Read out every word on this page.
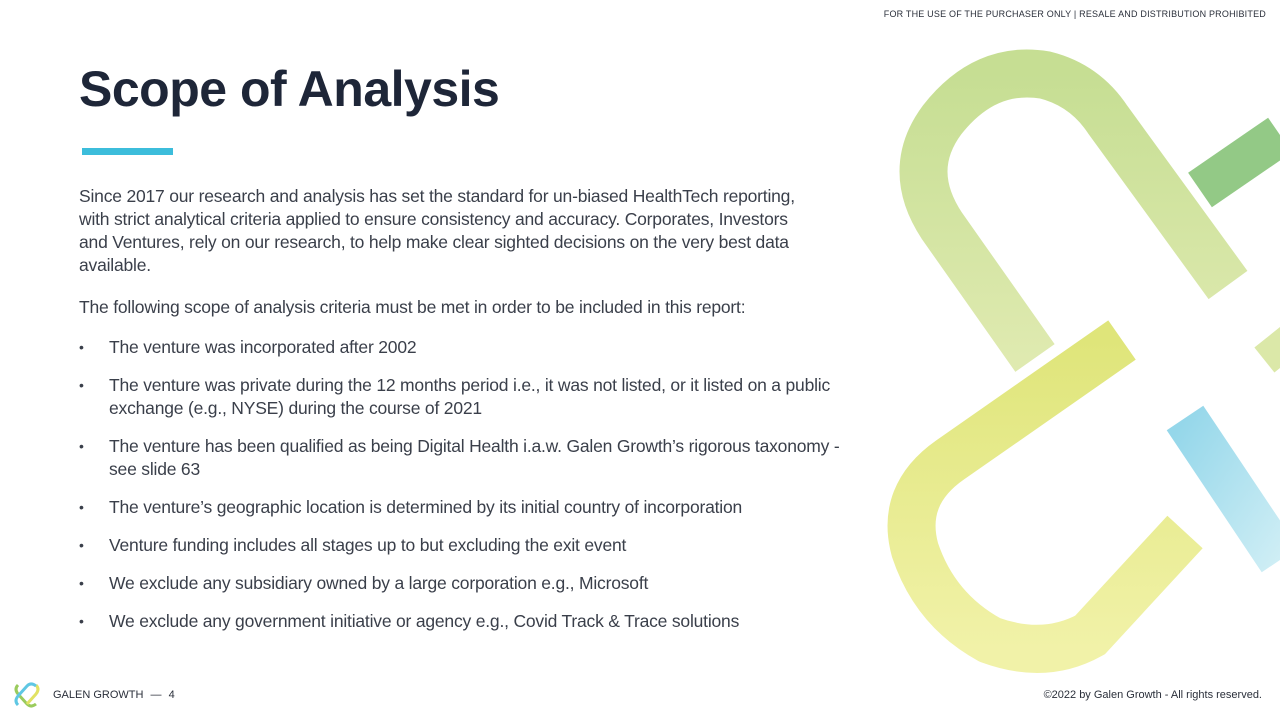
FOR THE USE OF THE PURCHASER ONLY | RESALE AND DISTRIBUTION PROHIBITED
Scope of Analysis

Since 2017 our research and analysis has set the standard for un-biased HealthTech reporting, with strict analytical criteria applied to ensure consistency and accuracy. Corporates, Investors and Ventures, rely on our research, to help make clear sighted decisions on the very best data available.

The following scope of analysis criteria must be met in order to be included in this report:

• The venture was incorporated after 2002
• The venture was private during the 12 months period i.e., it was not listed, or it listed on a public exchange (e.g., NYSE) during the course of 2021
• The venture has been qualified as being Digital Health i.a.w. Galen Growth’s rigorous taxonomy - see slide 63
• The venture’s geographic location is determined by its initial country of incorporation
• Venture funding includes all stages up to but excluding the exit event
• We exclude any subsidiary owned by a large corporation e.g., Microsoft
• We exclude any government initiative or agency e.g., Covid Track & Trace solutions
GALEN GROWTH — 4	©2022 by Galen Growth - All rights reserved.
